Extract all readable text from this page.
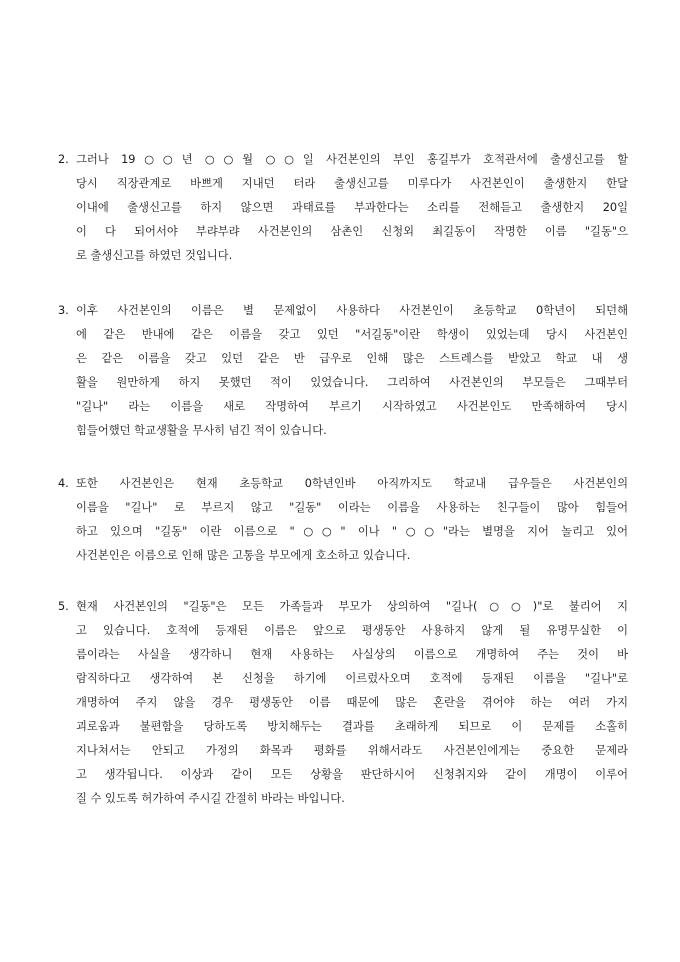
2. 그러나 19○○년 ○○월 ○○일 사건본인의 부인 홍길부가 호적관서에 출생신고를 할
당시 직장관계로 바쁘게 지내던 터라 출생신고를 미루다가 사건본인이 출생한지 한달
이내에 출생신고를 하지 않으면 과태료를 부과한다는 소리를 전해듣고 출생한지 20일
이 다 되어서야 부랴부랴 사건본인의 삼촌인 신청외 최길동이 작명한 이름 "길동"으
로 출생신고를 하였던 것입니다.
3. 이후 사건본인의 이름은 별 문제없이 사용하다 사건본인이 초등학교 0학년이 되던해
에 같은 반내에 같은 이름을 갖고 있던 "서길동"이란 학생이 있었는데 당시 사건본인
은 같은 이름을 갖고 있던 같은 반 급우로 인해 많은 스트레스를 받았고 학교 내 생
활을 원만하게 하지 못했던 적이 있었습니다. 그리하여 사건본인의 부모들은 그때부터
"길나" 라는 이름을 새로 작명하여 부르기 시작하였고 사건본인도 만족해하여 당시
힘들어했던 학교생활을 무사히 넘긴 적이 있습니다.
4. 또한 사건본인은 현재 초등학교 0학년인바 아직까지도 학교내 급우들은 사건본인의
이름을 "길나" 로 부르지 않고 "길동" 이라는 이름을 사용하는 친구들이 많아 힘들어
하고 있으며 "길동" 이란 이름으로 "○○" 이나 "○○"라는 별명을 지어 놀리고 있어
사건본인은 이름으로 인해 많은 고통을 부모에게 호소하고 있습니다.
5. 현재 사건본인의 "길동"은 모든 가족들과 부모가 상의하여 "길나(○○)"로 불리어 지
고 있습니다. 호적에 등재된 이름은 앞으로 평생동안 사용하지 않게 될 유명무실한 이
름이라는 사실을 생각하니 현재 사용하는 사실상의 이름으로 개명하여 주는 것이 바
람직하다고 생각하여 본 신청을 하기에 이르렀사오며 호적에 등재된 이름을 "길나"로
개명하여 주지 않을 경우 평생동안 이름 때문에 많은 혼란을 겪어야 하는 여러 가지
괴로움과 불편함을 당하도록 방치해두는 결과를 초래하게 되므로 이 문제를 소홀히
지나쳐서는 안되고 가정의 화목과 평화를 위해서라도 사건본인에게는 중요한 문제라
고 생각됩니다. 이상과 같이 모든 상황을 판단하시어 신청취지와 같이 개명이 이루어
질 수 있도록 허가하여 주시길 간절히 바라는 바입니다.
